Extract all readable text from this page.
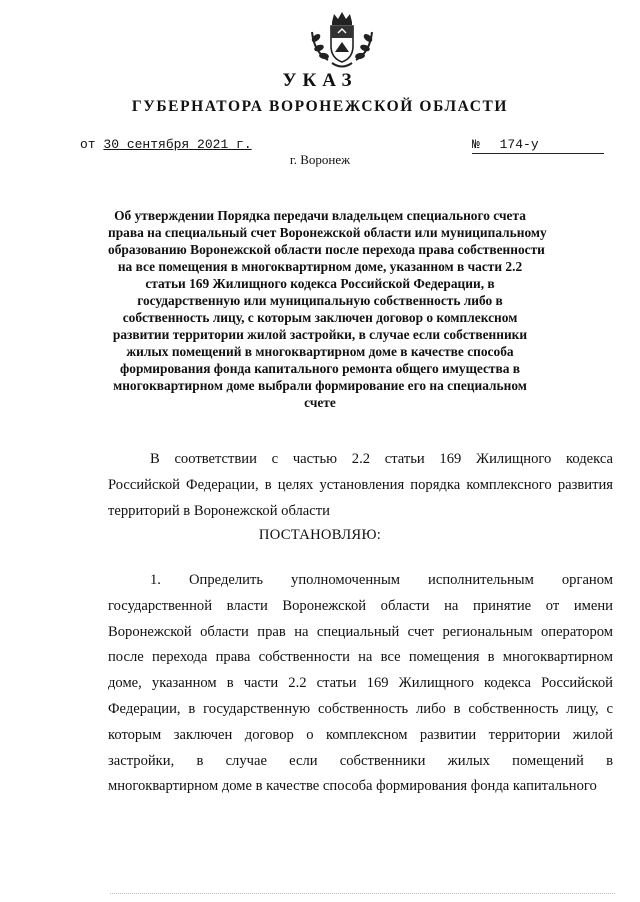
УКАЗ
ГУБЕРНАТОРА ВОРОНЕЖСКОЙ ОБЛАСТИ
от 30 сентября 2021 г.	№ 174-у
г. Воронеж
Об утверждении Порядка передачи владельцем специального счета
права на специальный счет Воронежской области или муниципальному
образованию Воронежской области после перехода права собственности
на все помещения в многоквартирном доме, указанном в части 2.2
статьи 169 Жилищного кодекса Российской Федерации, в
государственную или муниципальную собственность либо в
собственность лицу, с которым заключен договор о комплексном
развитии территории жилой застройки, в случае если собственники
жилых помещений в многоквартирном доме в качестве способа
формирования фонда капитального ремонта общего имущества в
многоквартирном доме выбрали формирование его на специальном
счете
В соответствии с частью 2.2 статьи 169 Жилищного кодекса
Российской Федерации, в целях установления порядка комплексного развития
территорий в Воронежской области
ПОСТАНОВЛЯЮ:
1. Определить уполномоченным исполнительным органом
государственной власти Воронежской области на принятие от имени
Воронежской области прав на специальный счет региональным оператором
после перехода права собственности на все помещения в многоквартирном
доме, указанном в части 2.2 статьи 169 Жилищного кодекса Российской
Федерации, в государственную собственность либо в собственность лицу, с
которым заключен договор о комплексном развитии территории жилой
застройки, в случае если собственники жилых помещений в
многоквартирном доме в качестве способа формирования фонда капитального
